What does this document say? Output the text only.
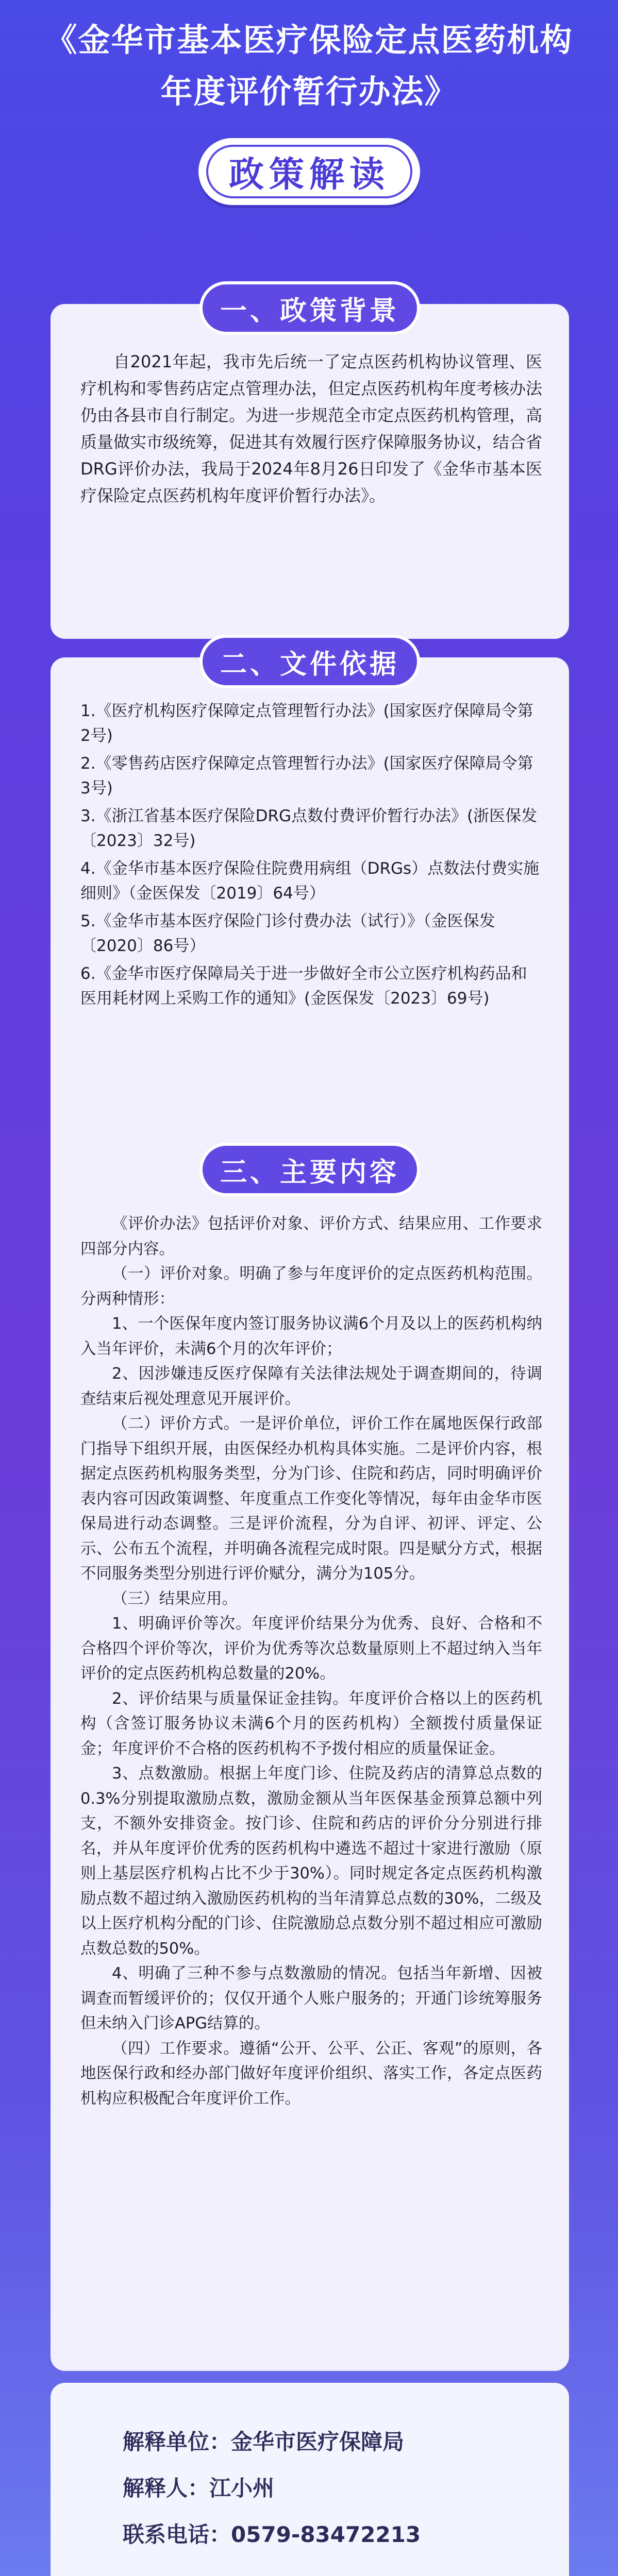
《金华市基本医疗保险定点医药机构
年度评价暂行办法》
政策解读
一、政策背景

自2021年起，我市先后统一了定点医药机构协议管理、医疗机构和零售药店定点管理办法，但定点医药机构年度考核办法仍由各县市自行制定。为进一步规范全市定点医药机构管理，高质量做实市级统筹，促进其有效履行医疗保障服务协议，结合省DRG评价办法，我局于2024年8月26日印发了《金华市基本医疗保险定点医药机构年度评价暂行办法》。

二、文件依据

1.《医疗机构医疗保障定点管理暂行办法》(国家医疗保障局令第2号)

2.《零售药店医疗保障定点管理暂行办法》(国家医疗保障局令第3号)

3.《浙江省基本医疗保险DRG点数付费评价暂行办法》(浙医保发〔2023〕32号)

4.《金华市基本医疗保险住院费用病组（DRGs）点数法付费实施细则》（金医保发〔2019〕64号）

5.《金华市基本医疗保险门诊付费办法（试行）》（金医保发〔2020〕86号）

6.《金华市医疗保障局关于进一步做好全市公立医疗机构药品和医用耗材网上采购工作的通知》(金医保发〔2023〕69号)

三、主要内容

《评价办法》包括评价对象、评价方式、结果应用、工作要求四部分内容。

（一）评价对象。明确了参与年度评价的定点医药机构范围。分两种情形：

1、一个医保年度内签订服务协议满6个月及以上的医药机构纳入当年评价，未满6个月的次年评价；

2、因涉嫌违反医疗保障有关法律法规处于调查期间的，待调查结束后视处理意见开展评价。

（二）评价方式。一是评价单位，评价工作在属地医保行政部门指导下组织开展，由医保经办机构具体实施。二是评价内容，根据定点医药机构服务类型，分为门诊、住院和药店，同时明确评价表内容可因政策调整、年度重点工作变化等情况，每年由金华市医保局进行动态调整。三是评价流程，分为自评、初评、评定、公示、公布五个流程，并明确各流程完成时限。四是赋分方式，根据不同服务类型分别进行评价赋分，满分为105分。

（三）结果应用。

1、明确评价等次。年度评价结果分为优秀、良好、合格和不合格四个评价等次，评价为优秀等次总数量原则上不超过纳入当年评价的定点医药机构总数量的20%。

2、评价结果与质量保证金挂钩。年度评价合格以上的医药机构（含签订服务协议未满6个月的医药机构）全额拨付质量保证金；年度评价不合格的医药机构不予拨付相应的质量保证金。

3、点数激励。根据上年度门诊、住院及药店的清算总点数的0.3%分别提取激励点数，激励金额从当年医保基金预算总额中列支，不额外安排资金。按门诊、住院和药店的评价分分别进行排名，并从年度评价优秀的医药机构中遴选不超过十家进行激励（原则上基层医疗机构占比不少于30%）。同时规定各定点医药机构激励点数不超过纳入激励医药机构的当年清算总点数的30%，二级及以上医疗机构分配的门诊、住院激励总点数分别不超过相应可激励点数总数的50%。

4、明确了三种不参与点数激励的情况。包括当年新增、因被调查而暂缓评价的；仅仅开通个人账户服务的；开通门诊统筹服务但未纳入门诊APG结算的。

（四）工作要求。遵循“公开、公平、公正、客观”的原则，各地医保行政和经办部门做好年度评价组织、落实工作，各定点医药机构应积极配合年度评价工作。

解释单位：金华市医疗保障局
解释人：江小州
联系电话：0579-83472213
